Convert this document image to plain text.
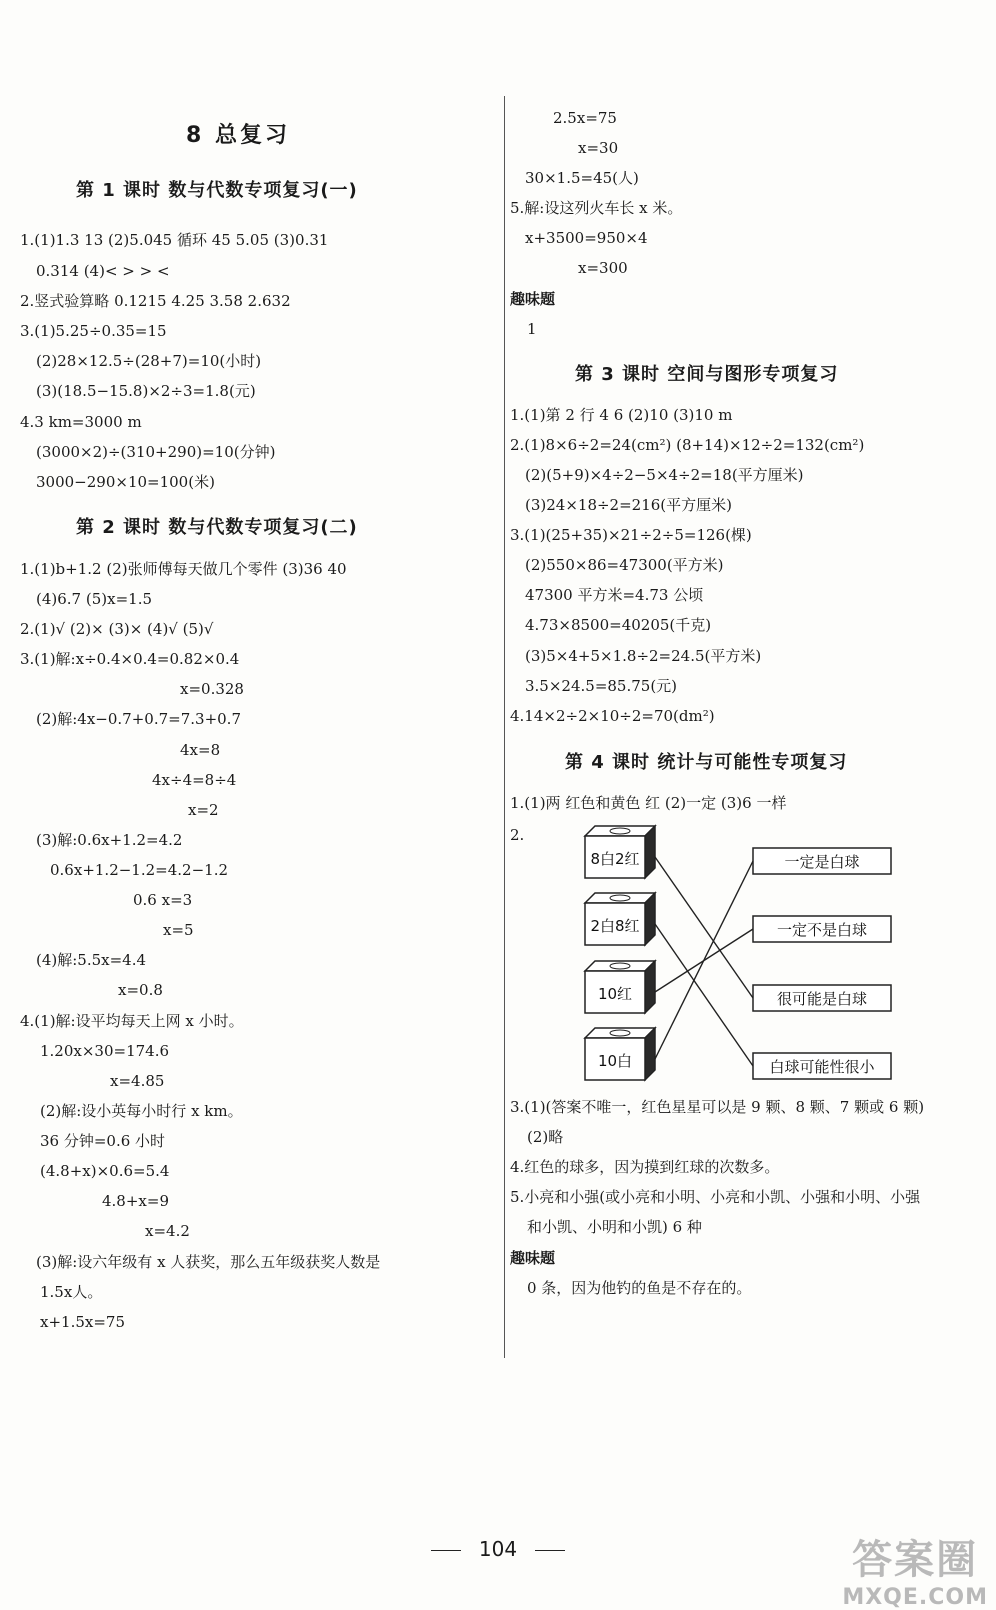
8 总复习
第 1 课时 数与代数专项复习(一)
1.(1)1.3 13 (2)5.045 循环 45 5.05 (3)0.31
0.314 (4)< > > <
2.竖式验算略 0.1215 4.25 3.58 2.632
3.(1)5.25÷0.35=15
(2)28×12.5÷(28+7)=10(小时)
(3)(18.5−15.8)×2÷3=1.8(元)
4.3 km=3000 m
(3000×2)÷(310+290)=10(分钟)
3000−290×10=100(米)
第 2 课时 数与代数专项复习(二)
1.(1)b+1.2 (2)张师傅每天做几个零件 (3)36 40
(4)6.7 (5)x=1.5
2.(1)√ (2)× (3)× (4)√ (5)√
3.(1)解:x÷0.4×0.4=0.82×0.4
x=0.328
(2)解:4x−0.7+0.7=7.3+0.7
4x=8
4x÷4=8÷4
x=2
(3)解:0.6x+1.2=4.2
0.6x+1.2−1.2=4.2−1.2
0.6 x=3
x=5
(4)解:5.5x=4.4
x=0.8
4.(1)解:设平均每天上网 x 小时。
1.20x×30=174.6
x=4.85
(2)解:设小英每小时行 x km。
36 分钟=0.6 小时
(4.8+x)×0.6=5.4
4.8+x=9
x=4.2
(3)解:设六年级有 x 人获奖，那么五年级获奖人数是
1.5x人。
x+1.5x=75
2.5x=75
x=30
30×1.5=45(人)
5.解:设这列火车长 x 米。
x+3500=950×4
x=300
趣味题
1
第 3 课时 空间与图形专项复习
1.(1)第 2 行 4 6 (2)10 (3)10 m
2.(1)8×6÷2=24(cm²) (8+14)×12÷2=132(cm²)
(2)(5+9)×4÷2−5×4÷2=18(平方厘米)
(3)24×18÷2=216(平方厘米)
3.(1)(25+35)×21÷2÷5=126(棵)
(2)550×86=47300(平方米)
47300 平方米=4.73 公顷
4.73×8500=40205(千克)
(3)5×4+5×1.8÷2=24.5(平方米)
3.5×24.5=85.75(元)
4.14×2÷2×10÷2=70(dm²)
第 4 课时 统计与可能性专项复习
1.(1)两 红色和黄色 红 (2)一定 (3)6 一样
2.
8白2红
2白8红
10红
10白
一定是白球
一定不是白球
很可能是白球
白球可能性很小
3.(1)(答案不唯一，红色星星可以是 9 颗、8 颗、7 颗或 6 颗)
(2)略
4.红色的球多，因为摸到红球的次数多。
5.小亮和小强(或小亮和小明、小亮和小凯、小强和小明、小强
和小凯、小明和小凯) 6 种
趣味题
0 条，因为他钓的鱼是不存在的。
104	答案圈
MXQE.COM
